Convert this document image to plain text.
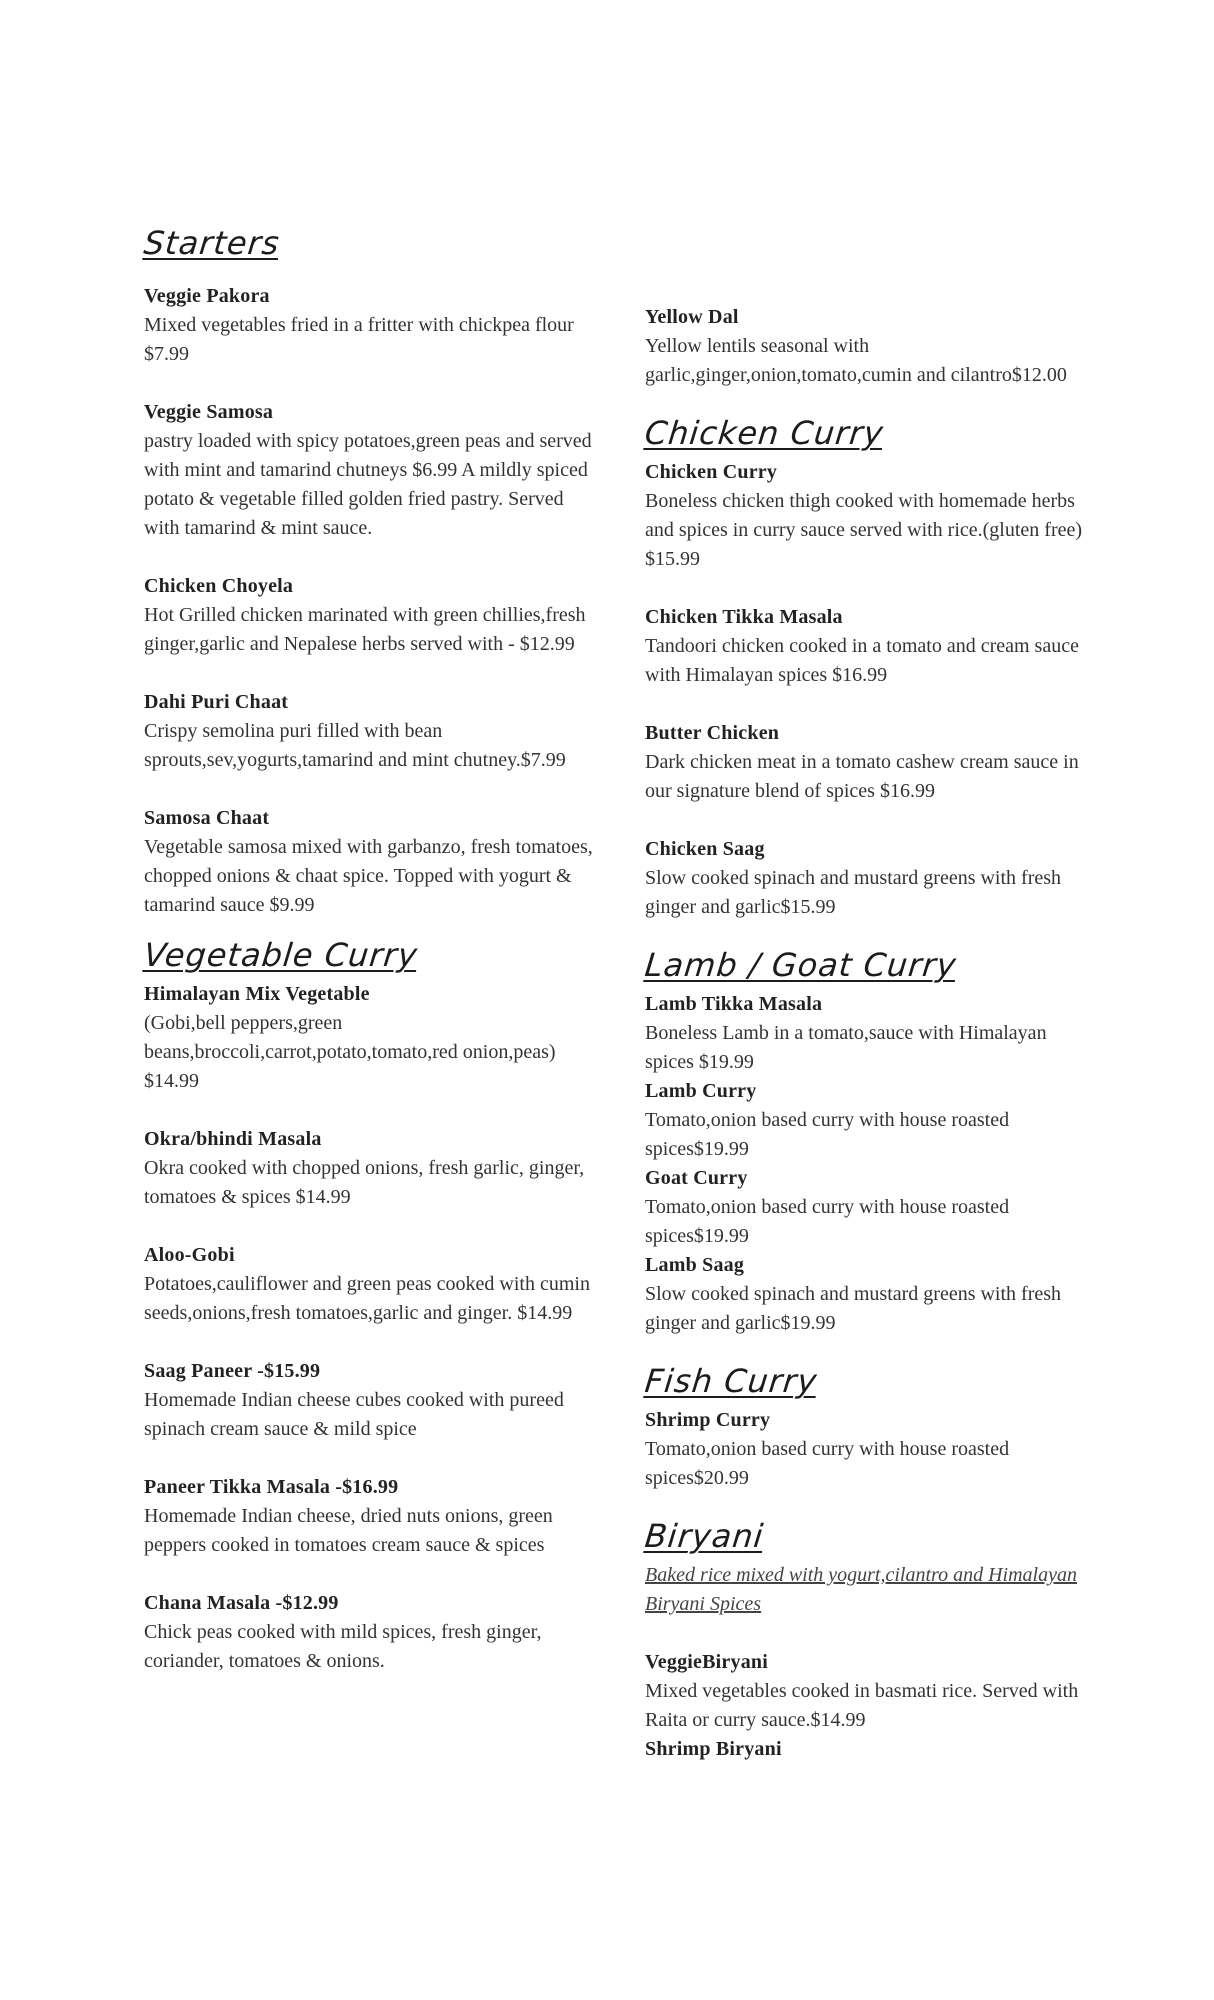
Starters
Veggie Pakora
Mixed vegetables fried in a fritter with chickpea flour $7.99
Veggie Samosa
pastry loaded with spicy potatoes,green peas and served with mint and tamarind chutneys $6.99 A mildly spiced potato & vegetable filled golden fried pastry. Served with tamarind & mint sauce.
Chicken Choyela
Hot Grilled chicken marinated with green chillies,fresh ginger,garlic and Nepalese herbs served with - $12.99
Dahi Puri Chaat
Crispy semolina puri filled with bean sprouts,sev,yogurts,tamarind and mint chutney.$7.99
Samosa Chaat
Vegetable samosa mixed with garbanzo, fresh tomatoes, chopped onions & chaat spice. Topped with yogurt & tamarind sauce $9.99
Vegetable Curry
Himalayan Mix Vegetable
(Gobi,bell peppers,green beans,broccoli,carrot,potato,tomato,red onion,peas) $14.99
Okra/bhindi Masala
Okra cooked with chopped onions, fresh garlic, ginger, tomatoes & spices $14.99
Aloo-Gobi
Potatoes,cauliflower and green peas cooked with cumin seeds,onions,fresh tomatoes,garlic and ginger. $14.99
Saag Paneer -$15.99
Homemade Indian cheese cubes cooked with pureed spinach cream sauce & mild spice
Paneer Tikka Masala -$16.99
Homemade Indian cheese, dried nuts onions, green peppers cooked in tomatoes cream sauce & spices
Chana Masala -$12.99
Chick peas cooked with mild spices, fresh ginger, coriander, tomatoes & onions.
Yellow Dal
Yellow lentils seasonal with garlic,ginger,onion,tomato,cumin and cilantro$12.00
Chicken Curry
Chicken Curry
Boneless chicken thigh cooked with homemade herbs and spices in curry sauce served with rice.(gluten free) $15.99
Chicken Tikka Masala
Tandoori chicken cooked in a tomato and cream sauce with Himalayan spices $16.99
Butter Chicken
Dark chicken meat in a tomato cashew cream sauce in our signature blend of spices $16.99
Chicken Saag
Slow cooked spinach and mustard greens with fresh ginger and garlic$15.99
Lamb / Goat Curry
Lamb Tikka Masala
Boneless Lamb in a tomato,sauce with Himalayan spices $19.99
Lamb Curry
Tomato,onion based curry with house roasted spices$19.99
Goat Curry
Tomato,onion based curry with house roasted spices$19.99
Lamb Saag
Slow cooked spinach and mustard greens with fresh ginger and garlic$19.99
Fish Curry
Shrimp Curry
Tomato,onion based curry with house roasted spices$20.99
Biryani
Baked rice mixed with yogurt,cilantro and Himalayan Biryani Spices
VeggieBiryani
Mixed vegetables cooked in basmati rice. Served with Raita or curry sauce.$14.99
Shrimp Biryani
